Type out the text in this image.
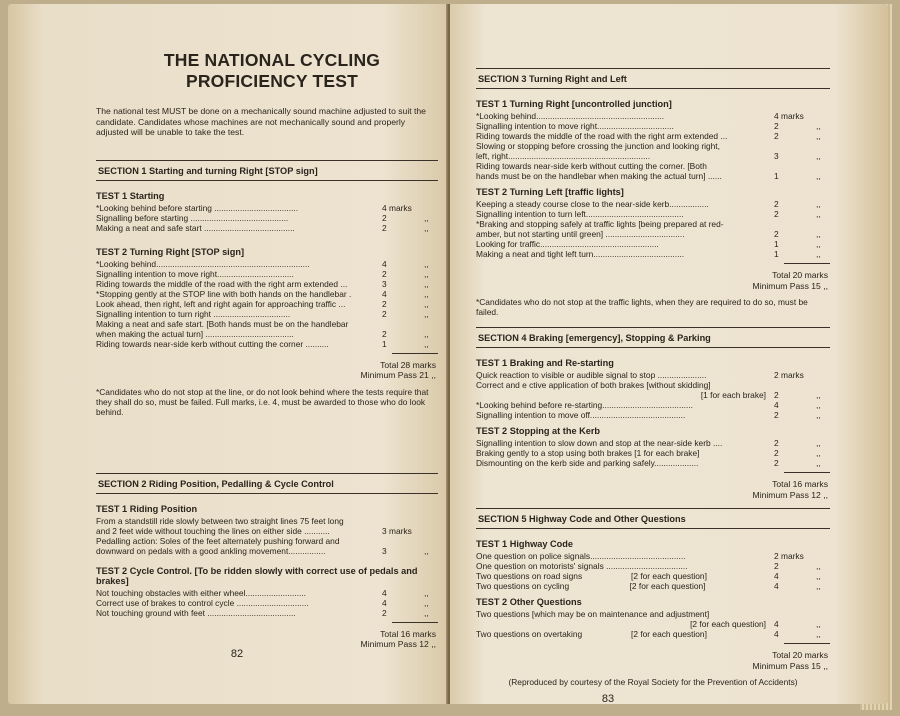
THE NATIONAL CYCLING PROFICIENCY TEST
The national test MUST be done on a mechanically sound machine adjusted to suit the candidate. Candidates whose machines are not mechanically sound and properly adjusted will be unable to take the test.
SECTION 1 Starting and turning Right [STOP sign]
TEST 1 Starting
*Looking behind before starting ....................................	4 marks
Signalling before starting ..........................................	2	,,
Making a neat and safe start .......................................	2	,,
TEST 2 Turning Right [STOP sign]
*Looking behind..................................................................	4	,,
Signalling intention to move right.................................	2	,,
Riding towards the middle of the road with the right arm extended ...	3	,,
*Stopping gently at the STOP line with both hands on the handlebar .	4	,,
Look ahead, then right, left and right again for approaching traffic ...	2	,,
Signalling intention to turn right .................................	2	,,
Making a neat and safe start. [Both hands must be on the handlebar
when making the actual turn] ......................................	2	,,
Riding towards near-side kerb without cutting the corner ..........	1	,,
Total 28 marks
Minimum Pass 21 ,,
*Candidates who do not stop at the line, or do not look behind where the tests require that they shall do so, must be failed. Full marks, i.e. 4, must be awarded to those who do look behind.
SECTION 2 Riding Position, Pedalling & Cycle Control
TEST 1 Riding Position
From a standstill ride slowly between two straight lines 75 feet long
and 2 feet wide without touching the lines on either side ...........	3 marks
Pedalling action: Soles of the feet alternately pushing forward and
downward on pedals with a good ankling movement................	3	,,
TEST 2 Cycle Control. [To be ridden slowly with correct use of pedals and brakes]
Not touching obstacles with either wheel..........................	4	,,
Correct use of brakes to control cycle ...............................	4	,,
Not touching ground with feet ......................................	2	,,
Total 16 marks
Minimum Pass 12 ,,
82
SECTION 3 Turning Right and Left
TEST 1 Turning Right [uncontrolled junction]
*Looking behind.......................................................	4 marks
Signalling intention to move right.................................	2	,,
Riding towards the middle of the road with the right arm extended ...	2	,,
Slowing or stopping before crossing the junction and looking right,
left, right.............................................................	3	,,
Riding towards near-side kerb without cutting the corner. [Both
hands must be on the handlebar when making the actual turn] ......	1	,,
TEST 2 Turning Left [traffic lights]
Keeping a steady course close to the near-side kerb.................	2	,,
Signalling intention to turn left..........................................	2	,,
*Braking and stopping safely at traffic lights [being prepared at red-
amber, but not starting until green] ..................................	2	,,
Looking for traffic...................................................	1	,,
Making a neat and tight left turn.......................................	1	,,
Total 20 marks
Minimum Pass 15 ,,
*Candidates who do not stop at the traffic lights, when they are required to do so, must be failed.
SECTION 4 Braking [emergency], Stopping & Parking
TEST 1 Braking and Re-starting
Quick reaction to visible or audible signal to stop .....................	2 marks
Correct and e ctive application of both brakes [without skidding]
[1 for each brake] 2	,,
*Looking behind before re-starting.......................................	4	,,
Signalling intention to move off.........................................	2	,,
TEST 2 Stopping at the Kerb
Signalling intention to slow down and stop at the near-side kerb ....	2	,,
Braking gently to a stop using both brakes [1 for each brake]	2	,,
Dismounting on the kerb side and parking safely...................	2	,,
Total 16 marks
Minimum Pass 12 ,,
SECTION 5 Highway Code and Other Questions
TEST 1 Highway Code
One question on police signals.........................................	2 marks
One question on motorists' signals ...................................	2	,,
Two questions on road signs                     [2 for each question]	4	,,
Two questions on cycling                          [2 for each question]	4	,,
TEST 2 Other Questions
Two questions [which may be on maintenance and adjustment]
[2 for each question] 4	,,
Two questions on overtaking                     [2 for each question]	4	,,
Total 20 marks
Minimum Pass 15 ,,
(Reproduced by courtesy of the Royal Society for the Prevention of Accidents)
83
